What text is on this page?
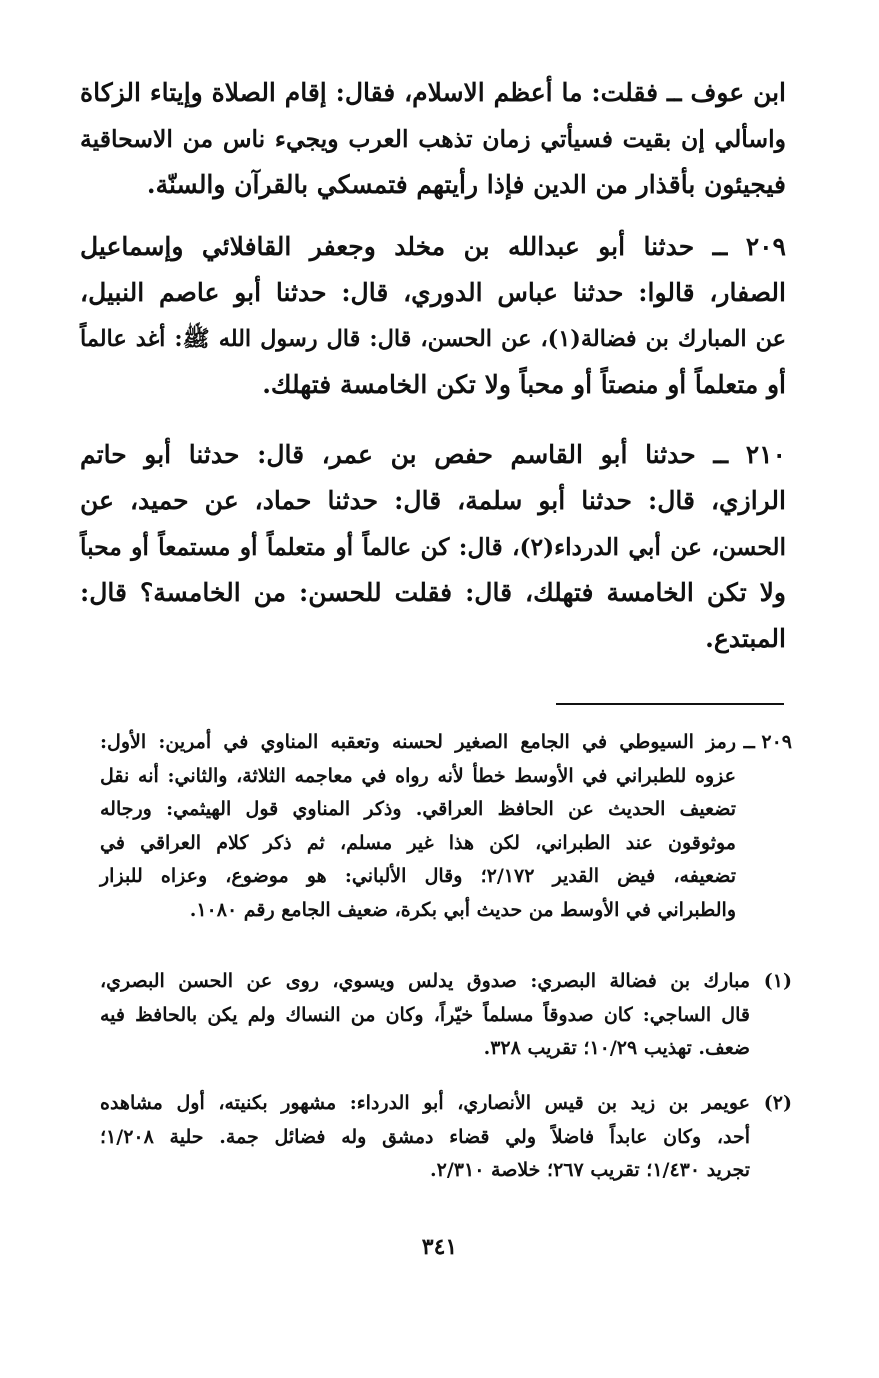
ابن عوف ــ فقلت: ما أعظم الاسلام، فقال: إقام الصلاة وإيتاء الزكاة
واسألي إن بقيت فسيأتي زمان تذهب العرب ويجيء ناس من الاسحاقية
فيجيئون بأقذار من الدين فإذا رأيتهم فتمسكي بالقرآن والسنّة.
٢٠٩ ــ حدثنا أبو عبدالله بن مخلد وجعفر القافلائي وإسماعيل
الصفار، قالوا: حدثنا عباس الدوري، قال: حدثنا أبو عاصم النبيل،
عن المبارك بن فضالة(١)، عن الحسن، قال: قال رسول الله ﷺ: أغد عالماً
أو متعلماً أو منصتاً أو محباً ولا تكن الخامسة فتهلك.
٢١٠ ــ حدثنا أبو القاسم حفص بن عمر، قال: حدثنا أبو حاتم
الرازي، قال: حدثنا أبو سلمة، قال: حدثنا حماد، عن حميد، عن
الحسن، عن أبي الدرداء(٢)، قال: كن عالماً أو متعلماً أو مستمعاً أو محباً
ولا تكن الخامسة فتهلك، قال: فقلت للحسن: من الخامسة؟ قال:
المبتدع.
٢٠٩ ــ
رمز السيوطي في الجامع الصغير لحسنه وتعقبه المناوي في أمرين: الأول:
عزوه للطبراني في الأوسط خطأ لأنه رواه في معاجمه الثلاثة، والثاني: أنه نقل
تضعيف الحديث عن الحافظ العراقي. وذكر المناوي قول الهيثمي: ورجاله
موثوقون عند الطبراني، لكن هذا غير مسلم، ثم ذكر كلام العراقي في
تضعيفه، فيض القدير ٢/١٧٢؛ وقال الألباني: هو موضوع، وعزاه للبزار
والطبراني في الأوسط من حديث أبي بكرة، ضعيف الجامع رقم ١٠٨٠.
(١)
مبارك بن فضالة البصري: صدوق يدلس ويسوي، روى عن الحسن البصري،
قال الساجي: كان صدوقاً مسلماً خيّراً، وكان من النساك ولم يكن بالحافظ فيه
ضعف. تهذيب ١٠/٢٩؛ تقريب ٣٢٨.
(٢)
عويمر بن زيد بن قيس الأنصاري، أبو الدرداء: مشهور بكنيته، أول مشاهده
أحد، وكان عابداً فاضلاً ولي قضاء دمشق وله فضائل جمة. حلية ١/٢٠٨؛
تجريد ١/٤٣٠؛ تقريب ٢٦٧؛ خلاصة ٢/٣١٠.
٣٤١
